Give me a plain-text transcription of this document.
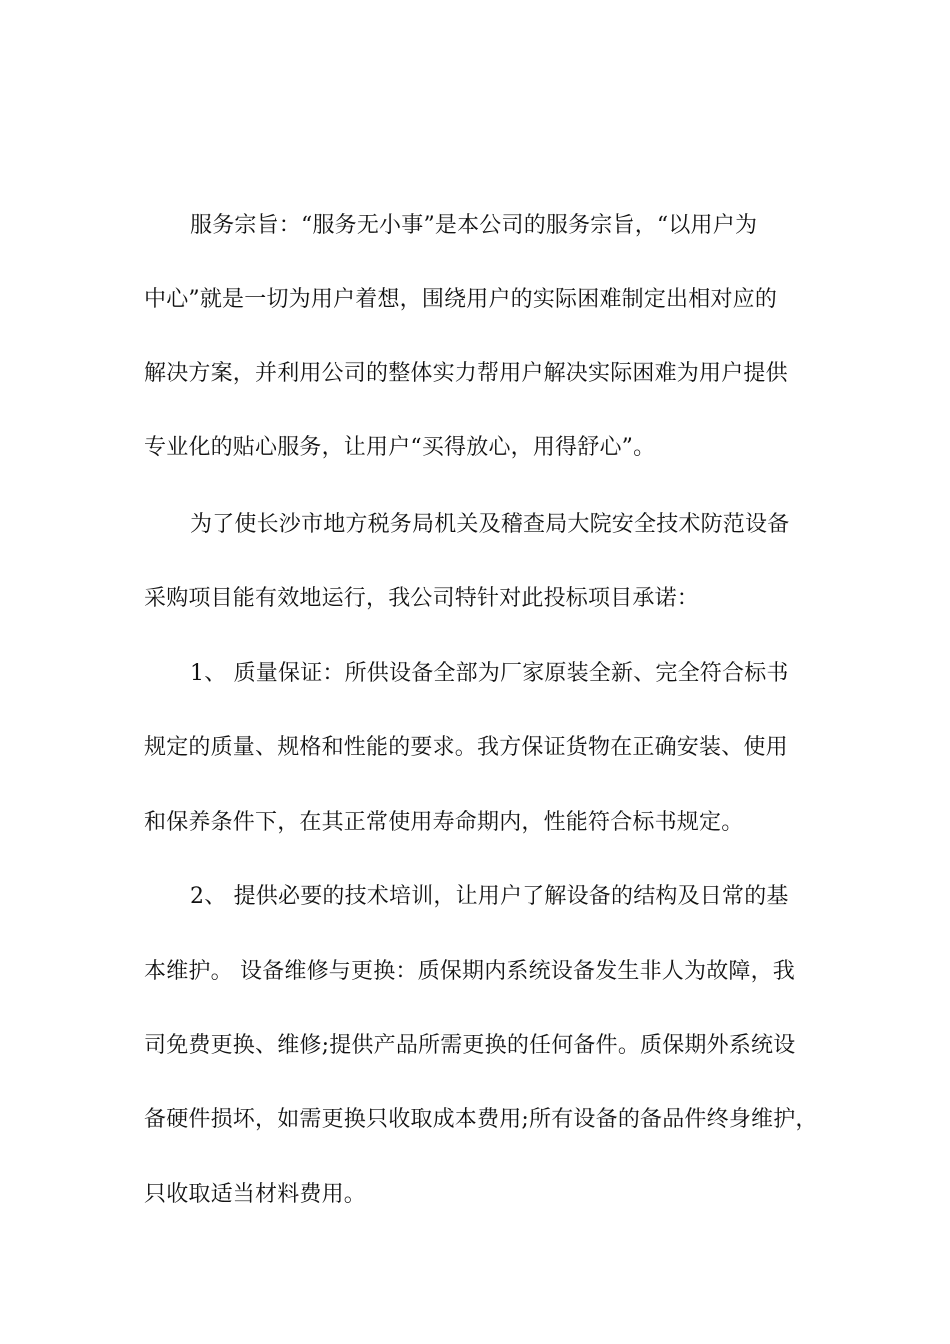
服务宗旨：“服务无小事”是本公司的服务宗旨，“以用户为
中心”就是一切为用户着想，围绕用户的实际困难制定出相对应的
解决方案，并利用公司的整体实力帮用户解决实际困难为用户提供
专业化的贴心服务，让用户“买得放心，用得舒心”。
为了使长沙市地方税务局机关及稽查局大院安全技术防范设备
采购项目能有效地运行，我公司特针对此投标项目承诺：
1、 质量保证：所供设备全部为厂家原装全新、完全符合标书
规定的质量、规格和性能的要求。我方保证货物在正确安装、使用
和保养条件下，在其正常使用寿命期内，性能符合标书规定。
2、 提供必要的技术培训，让用户了解设备的结构及日常的基
本维护。 设备维修与更换：质保期内系统设备发生非人为故障，我
司免费更换、维修;提供产品所需更换的任何备件。质保期外系统设
备硬件损坏，如需更换只收取成本费用;所有设备的备品件终身维护，
只收取适当材料费用。
